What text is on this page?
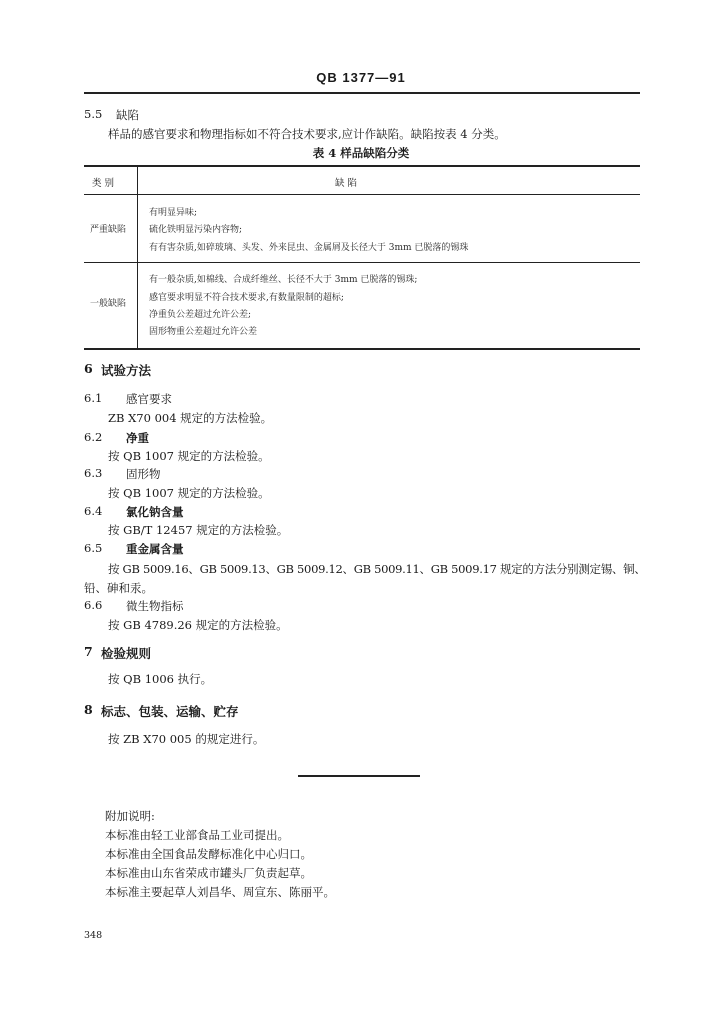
QB 1377—91
5.5 缺陷
样品的感官要求和物理指标如不符合技术要求,应计作缺陷。缺陷按表 4 分类。
表 4 样品缺陷分类
类 别	缺 陷
严重缺陷
有明显异味;
硫化铁明显污染内容物;
有有害杂质,如碎玻璃、头发、外来昆虫、金属屑及长径大于 3mm 已脱落的锡珠
一般缺陷
有一般杂质,如棉线、合成纤维丝、长径不大于 3mm 已脱落的锡珠;
感官要求明显不符合技术要求,有数量限制的超标;
净重负公差超过允许公差;
固形物重公差超过允许公差
6 试验方法
6.1 感官要求
ZB X70 004 规定的方法检验。
6.2 净重
按 QB 1007 规定的方法检验。
6.3 固形物
按 QB 1007 规定的方法检验。
6.4 氯化钠含量
按 GB/T 12457 规定的方法检验。
6.5 重金属含量
按 GB 5009.16、GB 5009.13、GB 5009.12、GB 5009.11、GB 5009.17 规定的方法分别测定锡、铜、
铅、砷和汞。
6.6 微生物指标
按 GB 4789.26 规定的方法检验。
7 检验规则
按 QB 1006 执行。
8 标志、包装、运输、贮存
按 ZB X70 005 的规定进行。
附加说明:
本标准由轻工业部食品工业司提出。
本标准由全国食品发酵标准化中心归口。
本标准由山东省荣成市罐头厂负责起草。
本标准主要起草人刘昌华、周宣东、陈丽平。
348
